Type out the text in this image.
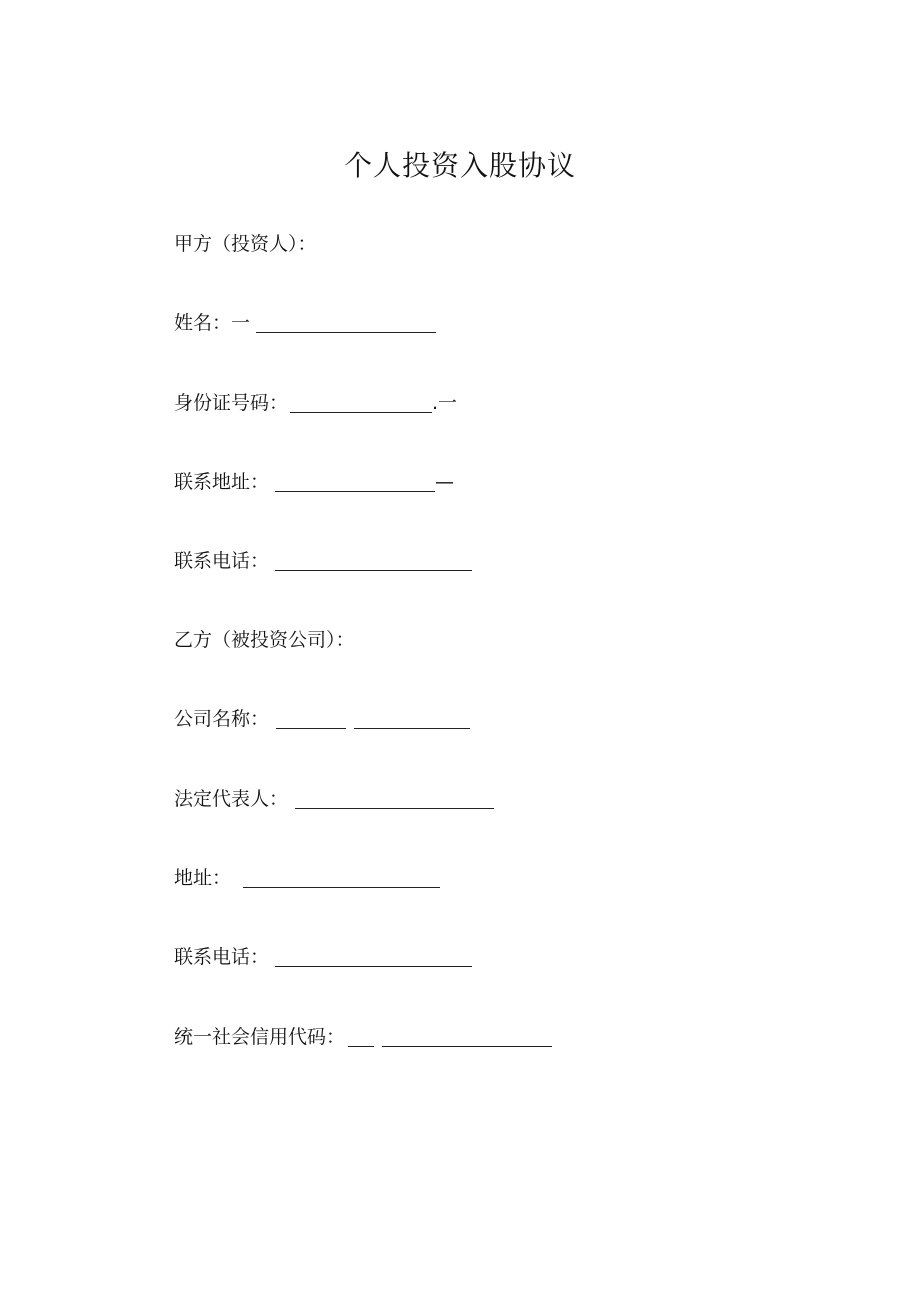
个人投资入股协议
甲方（投资人）：
姓名：一
身份证号码：	.一
联系地址：	—
联系电话：
乙方（被投资公司）：
公司名称：
法定代表人：
地址：
联系电话：
统一社会信用代码：
